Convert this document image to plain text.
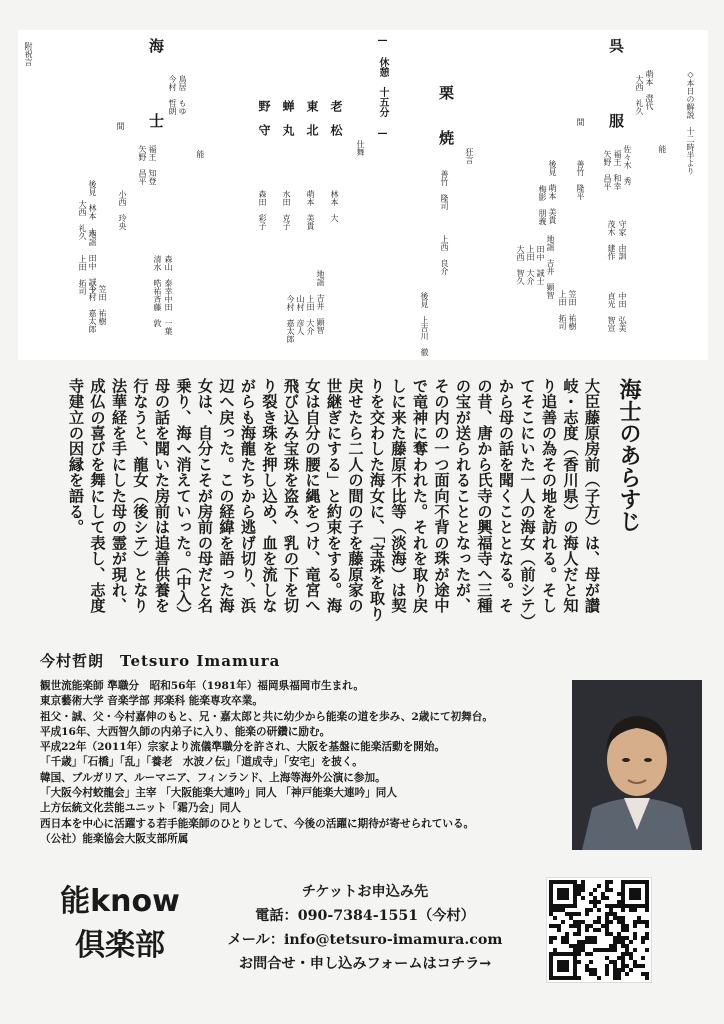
◇本日の解説　十二時半より
能
呉　　　　服	萌本　澄代
大西　礼久
佐々木　秀
福王　和幸
矢野　昌平
善竹　隆平
守家　由訓
茂木　建作
中田　弘美
貞光　智宣
後見　萌本　美貴
梅影　朋義
地謡　吉井　顕智
田中　誠士
上田　大介
大西　智久
笠田　祐樹
上田　拓司
間
狂言
栗　　焼
善竹　隆司
上西　良介
後見　上吉川　徹
— 休憩　十五分 —
仕舞
老　松
林本　大
東　北
萌本　美貴
蝉　丸
水田　克子
野　守
森田　彩子
地謡　吉井　顕智
上田　大介
山村　彦人
今村　嘉太郎
能
海　　　　士 鳥居　もゆ
今村　哲朗
福王　知登
矢野　昌平
小西　玲央
森山　泰幸
清水　晧祐
中田　一葉
斉藤　敦
後見　林本　大
大西　礼久
地謡　田中　誠士
上田　拓司
笠田　祐樹
今村　嘉太郎
間
附祝言
海士のあらすじ
大臣藤原房前（子方）は、母が讃岐・志度（香川県）の海人だと知り追善の為その地を訪れる。そしてそこにいた一人の海女（前シテ）から母の話を聞くこととなる。その昔、唐から氏寺の興福寺へ三種の宝が送られることとなったが、その内の一つ面向不背の珠が途中で竜神に奪われた。それを取り戻しに来た藤原不比等（淡海）は契りを交わした海女に、「宝珠を取り戻せたら二人の間の子を藤原家の世継ぎにする」と約束をする。海女は自分の腰に縄をつけ、竜宮へ飛び込み宝珠を盗み、乳の下を切り裂き珠を押し込め、血を流しながらも海龍たちから逃げ切り、浜辺へ戻った。この経緯を語った海女は、自分こそが房前の母だと名乗り、海へ消えていった。（中入）母の話を聞いた房前は追善供養を行なうと、龍女（後シテ）となり法華経を手にした母の霊が現れ、成仏の喜びを舞にして表し、志度寺建立の因縁を語る。
今村哲朗　Tetsuro Imamura
観世流能楽師 準職分　昭和56年（1981年）福岡県福岡市生まれ。
東京藝術大学 音楽学部 邦楽科 能楽専攻卒業。
祖父・誠、父・今村嘉伸のもと、兄・嘉太郎と共に幼少から能楽の道を歩み、2歳にて初舞台。
平成16年、大西智久師の内弟子に入り、能楽の研鑽に励む。
平成22年（2011年）宗家より流儀準職分を許され、大阪を基盤に能楽活動を開始。
「千歳」「石橋」「乱」「養老　水波ノ伝」「道成寺」「安宅」を披く。
韓国、ブルガリア、ルーマニア、フィンランド、上海等海外公演に参加。
「大阪今村蛟龍会」主宰 「大阪能楽大連吟」同人 「神戸能楽大連吟」同人
上方伝統文化芸能ユニット「霜乃会」同人
西日本を中心に活躍する若手能楽師のひとりとして、今後の活躍に期待が寄せられている。
（公社）能楽協会大阪支部所属
能know
倶楽部
チケットお申込み先
電話：090-7384-1551（今村）
メール：info@tetsuro-imamura.com
お問合せ・申し込みフォームはコチラ→
